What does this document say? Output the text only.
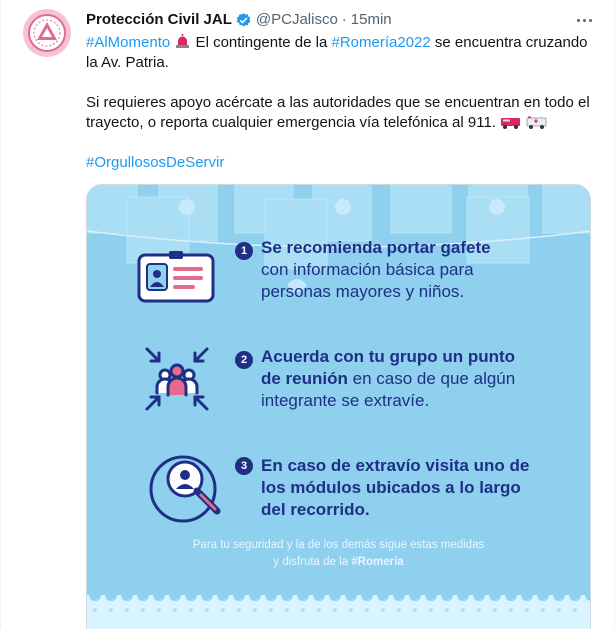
Protección Civil JAL @PCJalisco · 15min

#AlMomento  El contingente de la #Romería2022 se encuentra cruzando la Av. Patria.

Si requieres apoyo acércate a las autoridades que se encuentran en todo el trayecto, o reporta cualquier emergencia vía telefónica al 911.

#OrgullososDeServir

1 Se recomienda portar gafete
con información básica para
personas mayores y niños.
2 Acuerda con tu grupo un punto
de reunión en caso de que algún
integrante se extravíe.
3 En caso de extravío visita uno de
los módulos ubicados a lo largo
del recorrido.
Para tu seguridad y la de los demás sigue estas medidas
y disfruta de la #Romería
